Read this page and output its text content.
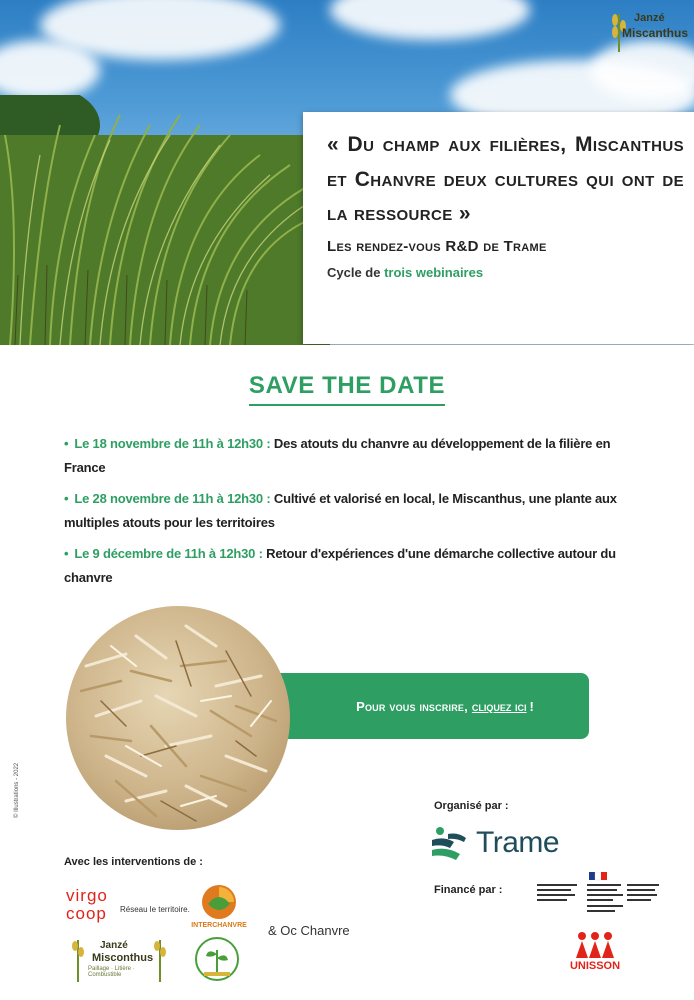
Janzé
Miscanthus
« Du champ aux filières, Miscanthus et Chanvre deux cultures qui ont de la ressource »
Les rendez-vous R&D de Trame
Cycle de trois webinaires
SAVE THE DATE
• Le 18 novembre de 11h à 12h30 : Des atouts du chanvre au développement de la filière en France
• Le 28 novembre de 11h à 12h30 : Cultivé et valorisé en local, le Miscanthus, une plante aux multiples atouts pour les territoires
• Le 9 décembre de 11h à 12h30 : Retour d'expériences d'une démarche collective autour du chanvre
Pour vous inscrire, cliquez ici !
© Illustrations - 2022	Organisé par :
Trame
Financé par :
UNISSON
Avec les interventions de :
virgo
coop Réseau le territoire.
INTERCHANVRE
Janzé
Misconthus
Paillage · Litière · Combustible
& Oc Chanvre
